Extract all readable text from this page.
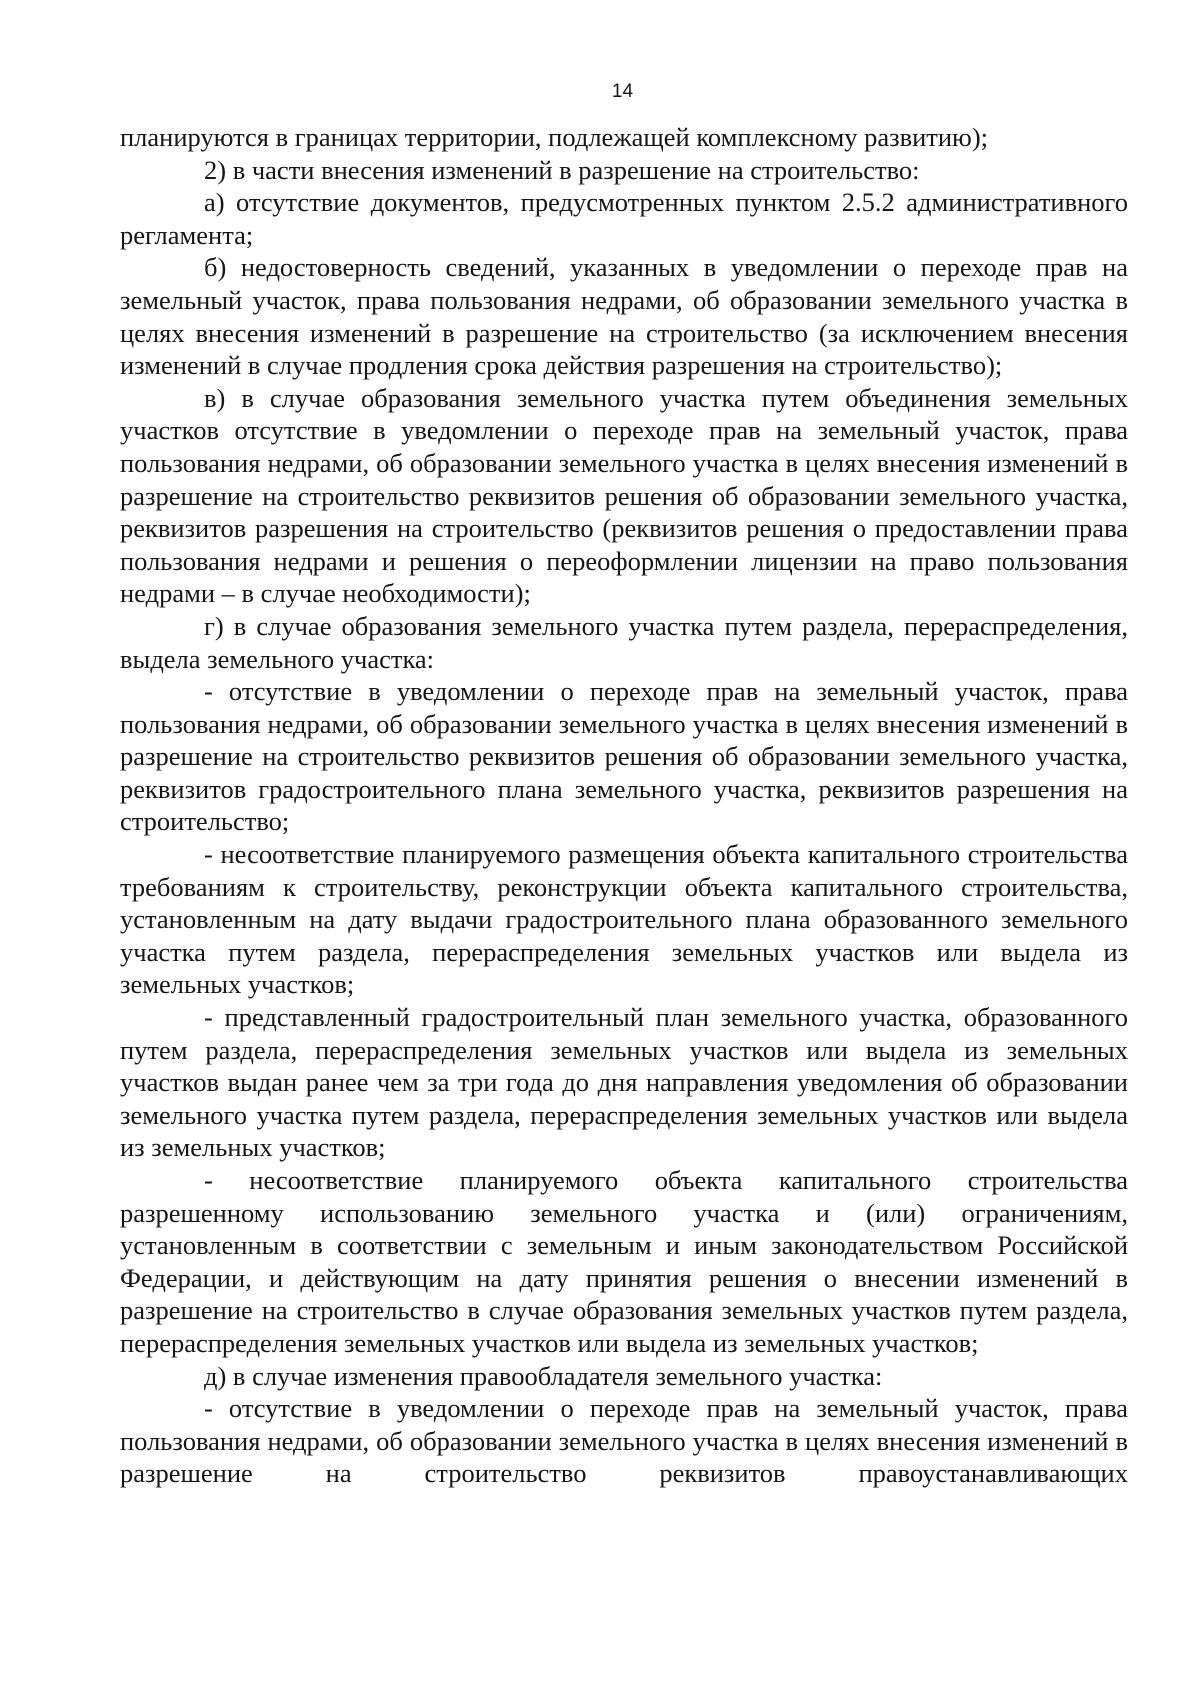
14

планируются в границах территории, подлежащей комплексному развитию);

2) в части внесения изменений в разрешение на строительство:

а) отсутствие документов, предусмотренных пунктом 2.5.2 административного регламента;

б) недостоверность сведений, указанных в уведомлении о переходе прав на земельный участок, права пользования недрами, об образовании земельного участка в целях внесения изменений в разрешение на строительство (за исключением внесения изменений в случае продления срока действия разрешения на строительство);

в) в случае образования земельного участка путем объединения земельных участков отсутствие в уведомлении о переходе прав на земельный участок, права пользования недрами, об образовании земельного участка в целях внесения изменений в разрешение на строительство реквизитов решения об образовании земельного участка, реквизитов разрешения на строительство (реквизитов решения о предоставлении права пользования недрами и решения о переоформлении лицензии на право пользования недрами – в случае необходимости);

г) в случае образования земельного участка путем раздела, перераспределения, выдела земельного участка:

- отсутствие в уведомлении о переходе прав на земельный участок, права пользования недрами, об образовании земельного участка в целях внесения изменений в разрешение на строительство реквизитов решения об образовании земельного участка, реквизитов градостроительного плана земельного участка, реквизитов разрешения на строительство;

- несоответствие планируемого размещения объекта капитального строительства требованиям к строительству, реконструкции объекта капитального строительства, установленным на дату выдачи градостроительного плана образованного земельного участка путем раздела, перераспределения земельных участков или выдела из земельных участков;

- представленный градостроительный план земельного участка, образованного путем раздела, перераспределения земельных участков или выдела из земельных участков выдан ранее чем за три года до дня направления уведомления об образовании земельного участка путем раздела, перераспределения земельных участков или выдела из земельных участков;

- несоответствие планируемого объекта капитального строительства разрешенному использованию земельного участка и (или) ограничениям, установленным в соответствии с земельным и иным законодательством Российской Федерации, и действующим на дату принятия решения о внесении изменений в разрешение на строительство в случае образования земельных участков путем раздела, перераспределения земельных участков или выдела из земельных участков;

д) в случае изменения правообладателя земельного участка:

- отсутствие в уведомлении о переходе прав на земельный участок, права пользования недрами, об образовании земельного участка в целях внесения изменений в разрешение на строительство реквизитов правоустанавливающих
